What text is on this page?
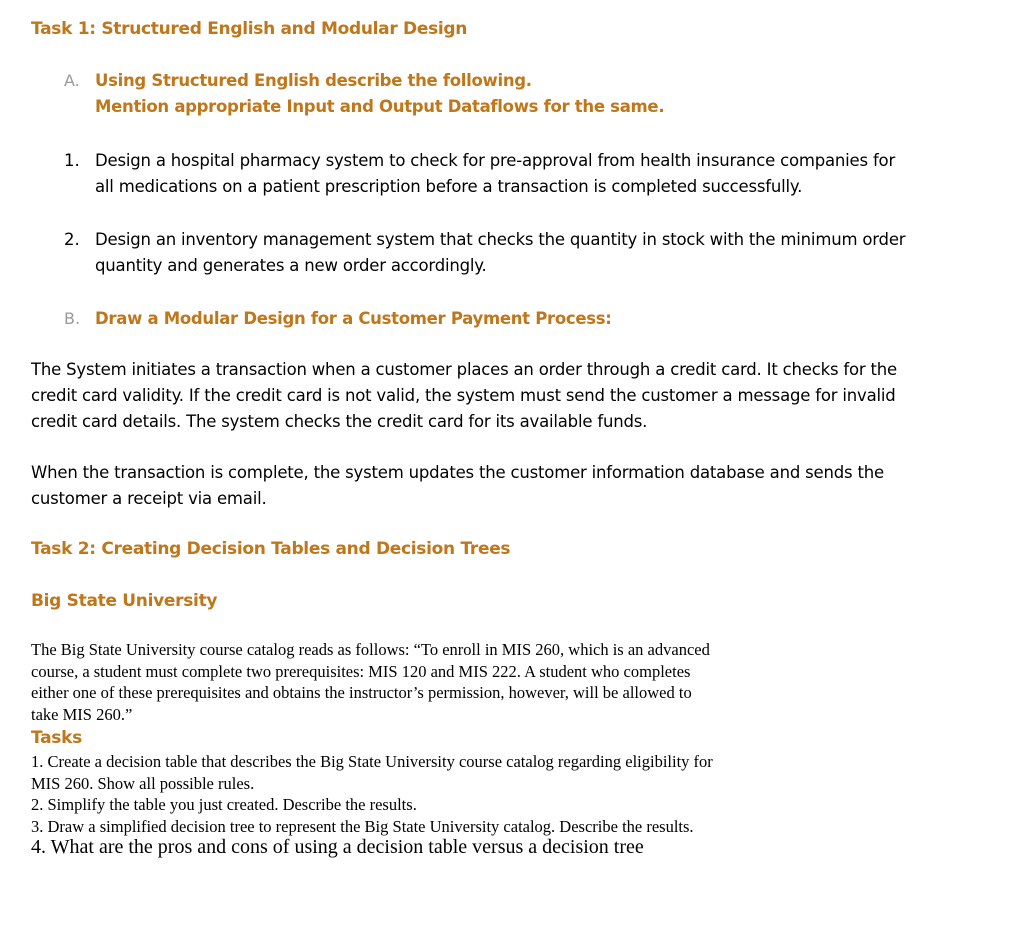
Task 1: Structured English and Modular Design
A. Using Structured English describe the following.
Mention appropriate Input and Output Dataflows for the same.
1. Design a hospital pharmacy system to check for pre-approval from health insurance companies for
all medications on a patient prescription before a transaction is completed successfully.
2. Design an inventory management system that checks the quantity in stock with the minimum order
quantity and generates a new order accordingly.
B. Draw a Modular Design for a Customer Payment Process:
The System initiates a transaction when a customer places an order through a credit card. It checks for the
credit card validity. If the credit card is not valid, the system must send the customer a message for invalid
credit card details. The system checks the credit card for its available funds.
When the transaction is complete, the system updates the customer information database and sends the
customer a receipt via email.
Task 2: Creating Decision Tables and Decision Trees
Big State University
The Big State University course catalog reads as follows: “To enroll in MIS 260, which is an advanced
course, a student must complete two prerequisites: MIS 120 and MIS 222. A student who completes
either one of these prerequisites and obtains the instructor’s permission, however, will be allowed to
take MIS 260.”
Tasks
1. Create a decision table that describes the Big State University course catalog regarding eligibility for
MIS 260. Show all possible rules.
2. Simplify the table you just created. Describe the results.
3. Draw a simplified decision tree to represent the Big State University catalog. Describe the results.
4. What are the pros and cons of using a decision table versus a decision tree
